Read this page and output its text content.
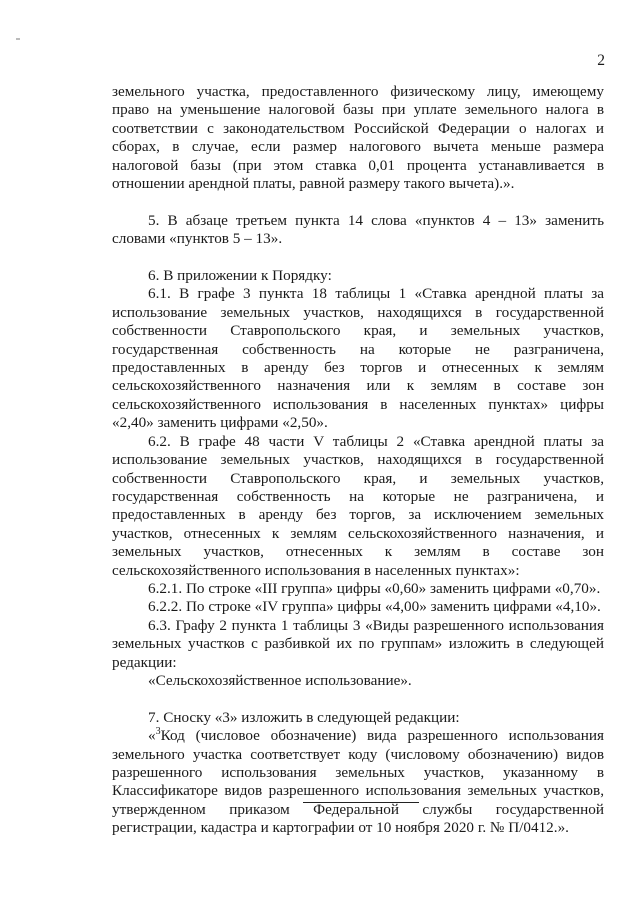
2

земельного участка, предоставленного физическому лицу, имеющему право на уменьшение налоговой базы при уплате земельного налога в соответствии с законодательством Российской Федерации о налогах и сборах, в случае, если размер налогового вычета меньше размера налоговой базы (при этом ставка 0,01 процента устанавливается в отношении арендной платы, равной размеру такого вычета).».

5. В абзаце третьем пункта 14 слова «пунктов 4 – 13» заменить словами «пунктов 5 – 13».

6. В приложении к Порядку:

6.1. В графе 3 пункта 18 таблицы 1 «Ставка арендной платы за использование земельных участков, находящихся в государственной собственности Ставропольского края, и земельных участков, государственная собственность на которые не разграничена, предоставленных в аренду без торгов и отнесенных к землям сельскохозяйственного назначения или к землям в составе зон сельскохозяйственного использования в населенных пунктах» цифры «2,40» заменить цифрами «2,50».

6.2. В графе 48 части V таблицы 2 «Ставка арендной платы за использование земельных участков, находящихся в государственной собственности Ставропольского края, и земельных участков, государственная собственность на которые не разграничена, и предоставленных в аренду без торгов, за исключением земельных участков, отнесенных к землям сельскохозяйственного назначения, и земельных участков, отнесенных к землям в составе зон сельскохозяйственного использования в населенных пунктах»:

6.2.1. По строке «III группа» цифры «0,60» заменить цифрами «0,70».

6.2.2. По строке «IV группа» цифры «4,00» заменить цифрами «4,10».

6.3. Графу 2 пункта 1 таблицы 3 «Виды разрешенного использования земельных участков с разбивкой их по группам» изложить в следующей редакции:

«Сельскохозяйственное использование».

7. Сноску «3» изложить в следующей редакции:

«$^3$Код (числовое обозначение) вида разрешенного использования земельного участка соответствует коду (числовому обозначению) видов разрешенного использования земельных участков, указанному в Классификаторе видов разрешенного использования земельных участков, утвержденном приказом Федеральной службы государственной регистрации, кадастра и картографии от 10 ноября 2020 г. № П/0412.».
